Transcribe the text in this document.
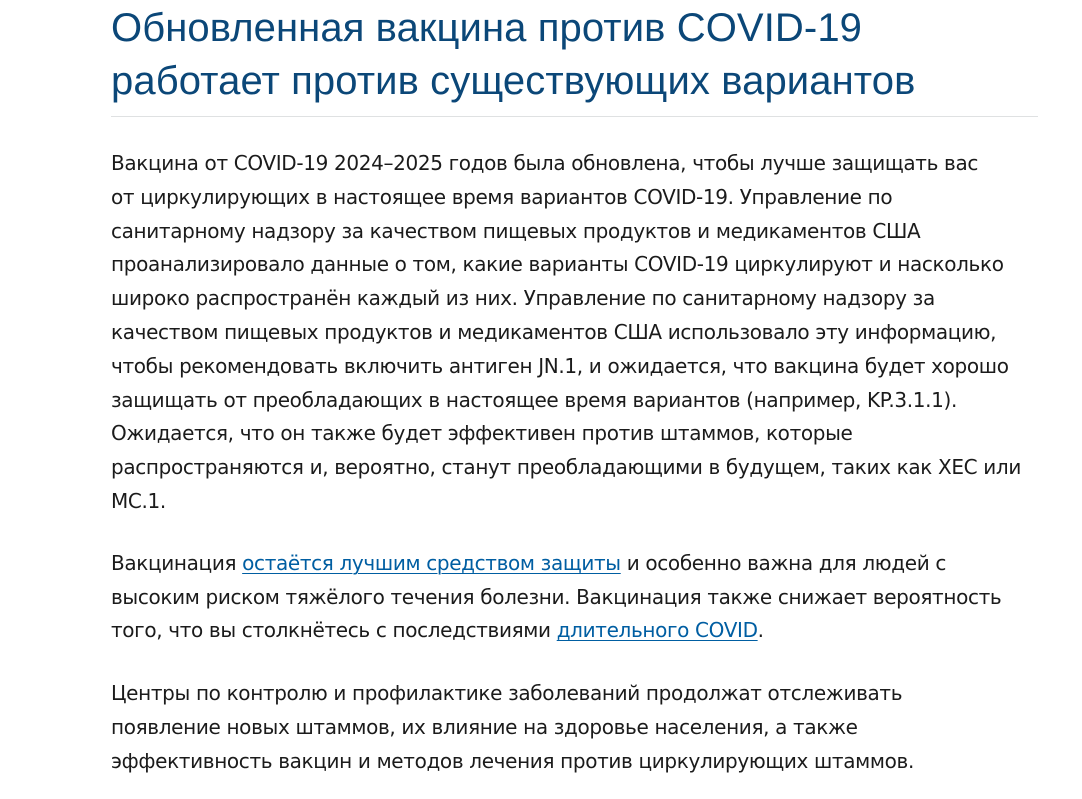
Обновленная вакцина против COVID-19
работает против существующих вариантов

Вакцина от COVID-19 2024–2025 годов была обновлена, чтобы лучше защищать вас
от циркулирующих в настоящее время вариантов COVID-19. Управление по
санитарному надзору за качеством пищевых продуктов и медикаментов США
проанализировало данные о том, какие варианты COVID-19 циркулируют и насколько
широко распространён каждый из них. Управление по санитарному надзору за
качеством пищевых продуктов и медикаментов США использовало эту информацию,
чтобы рекомендовать включить антиген JN.1, и ожидается, что вакцина будет хорошо
защищать от преобладающих в настоящее время вариантов (например, KP.3.1.1).
Ожидается, что он также будет эффективен против штаммов, которые
распространяются и, вероятно, станут преобладающими в будущем, таких как XEC или
MC.1.

Вакцинация остаётся лучшим средством защиты и особенно важна для людей с
высоким риском тяжёлого течения болезни. Вакцинация также снижает вероятность
того, что вы столкнётесь с последствиями длительного COVID.

Центры по контролю и профилактике заболеваний продолжат отслеживать
появление новых штаммов, их влияние на здоровье населения, а также
эффективность вакцин и методов лечения против циркулирующих штаммов.
